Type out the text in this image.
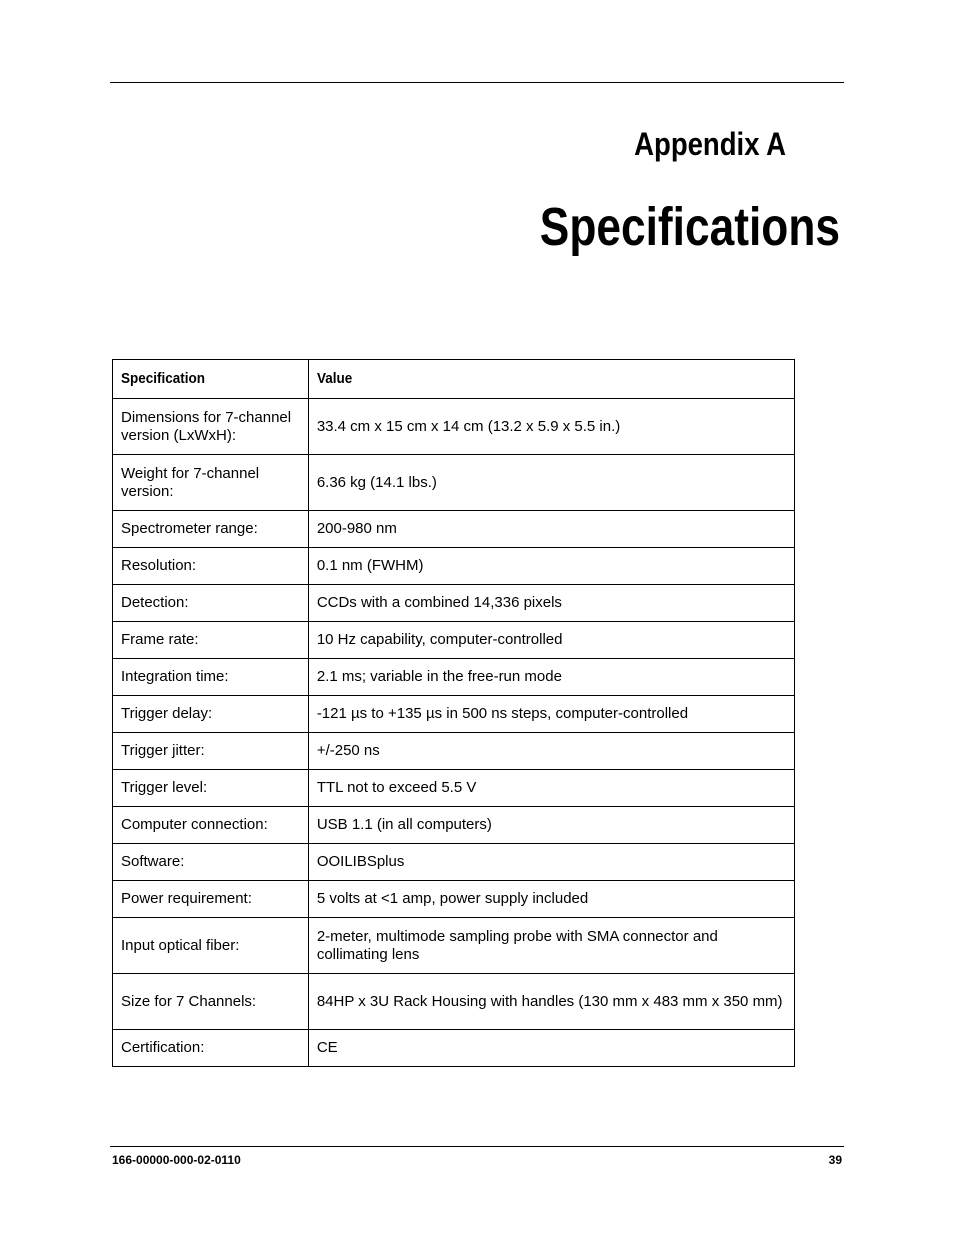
Appendix A
Specifications
Specification	Value
Dimensions for 7-channel version (LxWxH):	33.4 cm x 15 cm x 14 cm (13.2 x 5.9 x 5.5 in.)
Weight for 7-channel version:	6.36 kg (14.1 lbs.)
Spectrometer range:	200-980 nm
Resolution:	0.1 nm (FWHM)
Detection:	CCDs with a combined 14,336 pixels
Frame rate:	10 Hz capability, computer-controlled
Integration time:	2.1 ms; variable in the free-run mode
Trigger delay:	-121 µs to +135 µs in 500 ns steps, computer-controlled
Trigger jitter:	+/-250 ns
Trigger level:	TTL not to exceed 5.5 V
Computer connection:	USB 1.1 (in all computers)
Software:	OOILIBSplus
Power requirement:	5 volts at <1 amp, power supply included
Input optical fiber:	2-meter, multimode sampling probe with SMA connector and collimating lens
Size for 7 Channels:	84HP x 3U Rack Housing with handles (130 mm x 483 mm x 350 mm)
Certification:	CE
166-00000-000-02-0110	39
